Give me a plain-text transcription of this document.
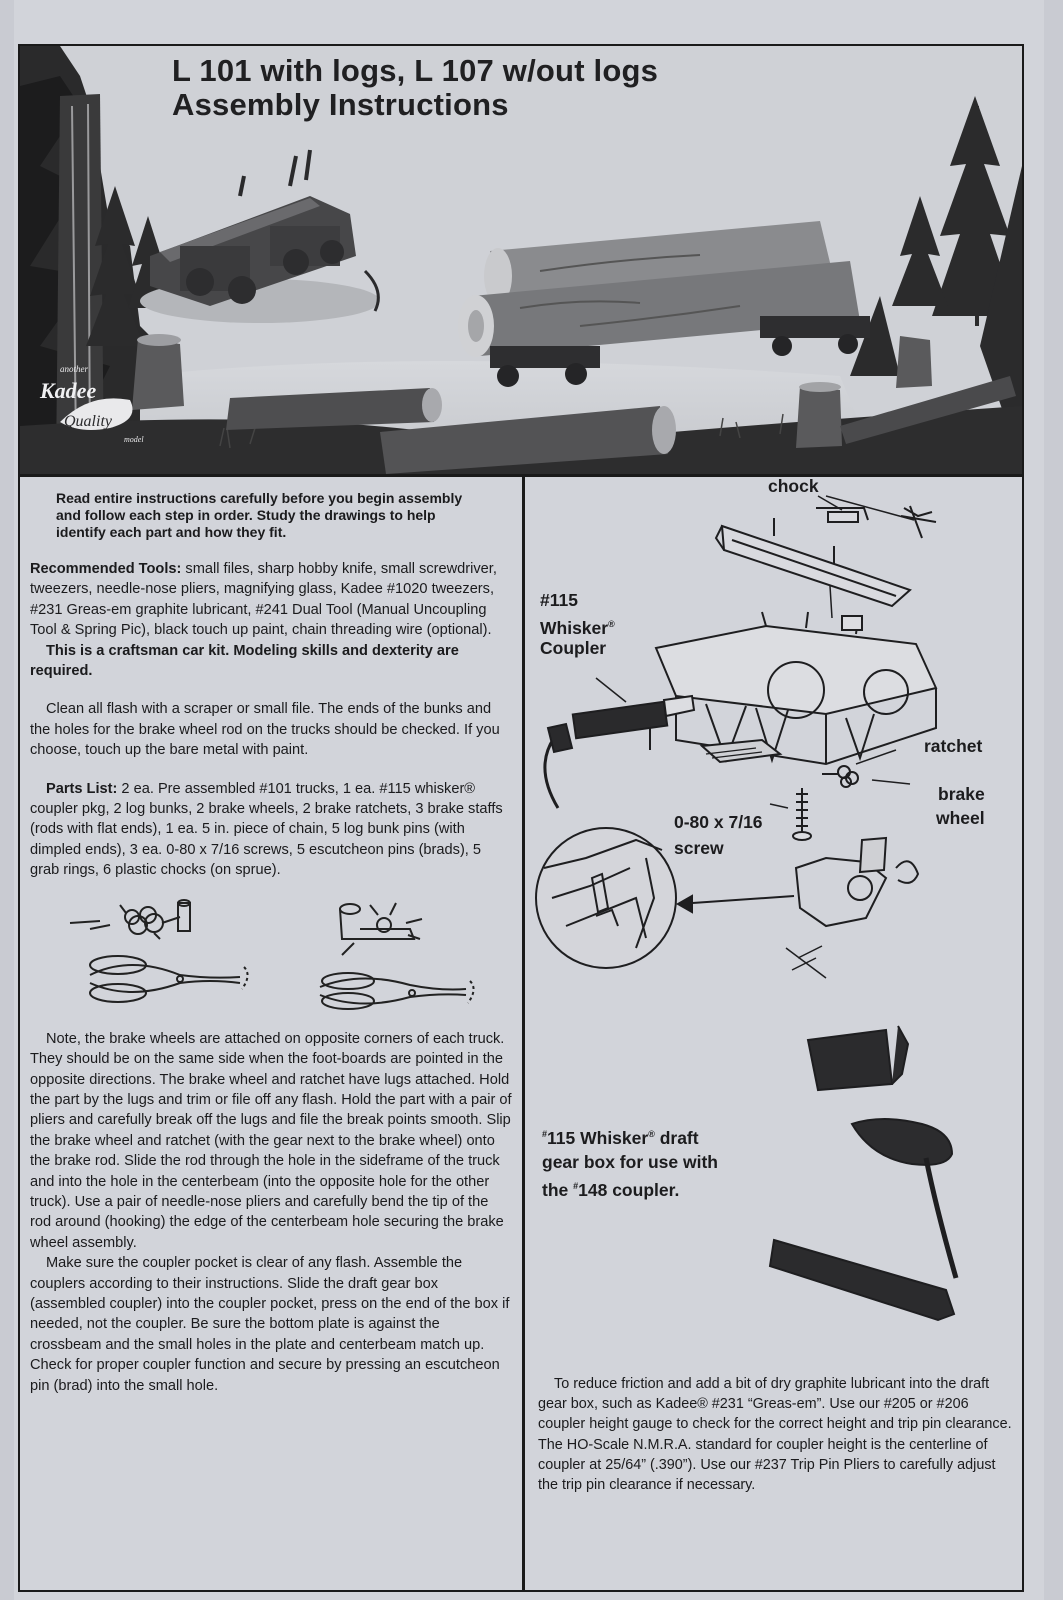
another
Kadee
Quality
model
L 101 with logs, L 107 w/out logs
Assembly Instructions

Read entire instructions carefully before you begin assembly and follow each step in order. Study the drawings to help identify each part and how they fit.

Recommended Tools: small files, sharp hobby knife, small screwdriver, tweezers, needle-nose pliers, magnifying glass, Kadee #1020 tweezers, #231 Greas-em graphite lubricant, #241 Dual Tool (Manual Uncoupling Tool & Spring Pic), black touch up paint, chain threading wire (optional).

This is a craftsman car kit. Modeling skills and dexterity are required.

Clean all flash with a scraper or small file. The ends of the bunks and the holes for the brake wheel rod on the trucks should be checked. If you choose, touch up the bare metal with paint.

Parts List: 2 ea. Pre assembled #101 trucks, 1 ea. #115 whisker® coupler pkg, 2 log bunks, 2 brake wheels, 2 brake ratchets, 3 brake staffs (rods with flat ends), 1 ea. 5 in. piece of chain, 5 log bunk pins (with dimpled ends), 3 ea. 0-80 x 7/16 screws, 5 escutcheon pins (brads), 5 grab rings, 6 plastic chocks (on sprue).

Note, the brake wheels are attached on opposite corners of each truck. They should be on the same side when the foot-boards are pointed in the opposite directions. The brake wheel and ratchet have lugs attached. Hold the part by the lugs and trim or file off any flash. Hold the part with a pair of pliers and carefully break off the lugs and file the break points smooth. Slip the brake wheel and ratchet (with the gear next to the brake wheel) onto the brake rod. Slide the rod through the hole in the sideframe of the truck and into the hole in the centerbeam (into the opposite hole for the other truck). Use a pair of needle-nose pliers and carefully bend the tip of the rod around (hooking) the edge of the centerbeam hole securing the brake wheel assembly.

Make sure the coupler pocket is clear of any flash. Assemble the couplers according to their instructions. Slide the draft gear box (assembled coupler) into the coupler pocket, press on the end of the box if needed, not the coupler. Be sure the bottom plate is against the crossbeam and the small holes in the plate and centerbeam match up. Check for proper coupler function and secure by pressing an escutcheon pin (brad) into the small hole.

chock
#115
Whisker®
Coupler
ratchet
brake
wheel
0-80 x 7/16
screw
#115 Whisker® draft
gear box for use with
the #148 coupler.
To reduce friction and add a bit of dry graphite lubricant into the draft gear box, such as Kadee® #231 “Greas-em”. Use our #205 or #206 coupler height gauge to check for the correct height and trip pin clearance. The HO-Scale N.M.R.A. standard for coupler height is the centerline of coupler at 25/64” (.390”). Use our #237 Trip Pin Pliers to carefully adjust the trip pin clearance if necessary.
